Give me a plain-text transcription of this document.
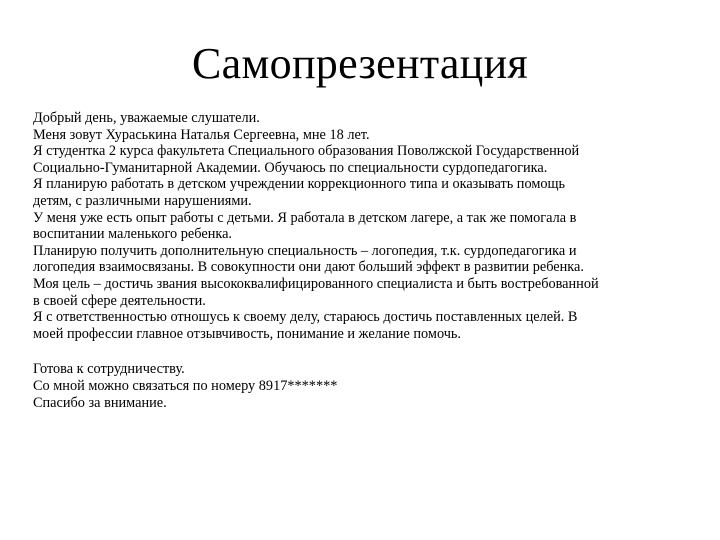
Самопрезентация
Добрый день, уважаемые слушатели.
Меня зовут Хураськина Наталья Сергеевна, мне 18 лет.
Я студентка 2 курса факультета Специального образования Поволжской Государственной
Социально-Гуманитарной Академии. Обучаюсь по специальности сурдопедагогика.
Я планирую работать в детском учреждении коррекционного типа и оказывать помощь
детям, с различными нарушениями.
У меня уже есть опыт работы с детьми. Я работала в детском лагере, а так же помогала в
воспитании маленького ребенка.
Планирую получить дополнительную специальность – логопедия, т.к. сурдопедагогика и
логопедия взаимосвязаны. В совокупности они дают больший эффект в развитии ребенка.
Моя цель – достичь звания высококвалифицированного специалиста и быть востребованной
в своей сфере деятельности.
Я с ответственностью отношусь к своему делу, стараюсь достичь поставленных целей. В
моей профессии главное отзывчивость, понимание и желание помочь.
Готова к сотрудничеству.
Со мной можно связаться по номеру 8917*******
Спасибо за внимание.
